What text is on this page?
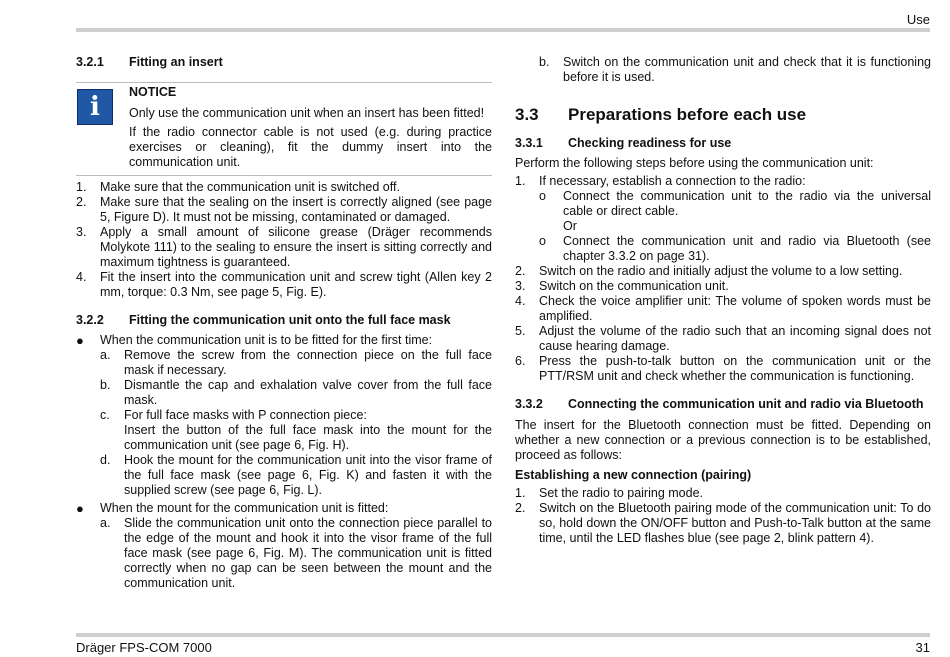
Use
3.2.1	Fitting an insert
i	NOTICE

Only use the communication unit when an insert has been fitted!

If the radio connector cable is not used (e.g. during practice exercises or cleaning), fit the dummy insert into the communication unit.

1.	Make sure that the communication unit is switched off.
2.	Make sure that the sealing on the insert is correctly aligned (see page 5, Figure D). It must not be missing, contaminated or damaged.
3.	Apply a small amount of silicone grease (Dräger recommends Molykote 111) to the sealing to ensure the insert is sitting correctly and maximum tightness is guaranteed.
4.	Fit the insert into the communication unit and screw tight (Allen key 2 mm, torque: 0.3 Nm, see page 5, Fig. E).
3.2.2	Fitting the communication unit onto the full face mask
●	When the communication unit is to be fitted for the first time:
a.	Remove the screw from the connection piece on the full face mask if necessary.
b.	Dismantle the cap and exhalation valve cover from the full face mask.
c.	For full face masks with P connection piece:
Insert the button of the full face mask into the mount for the communication unit (see page 6, Fig. H).
d.	Hook the mount for the communication unit into the visor frame of the full face mask (see page 6, Fig. K) and fasten it with the supplied screw (see page 6, Fig. L).
●	When the mount for the communication unit is fitted:
a.	Slide the communication unit onto the connection piece parallel to the edge of the mount and hook it into the visor frame of the full face mask (see page 6, Fig. M). The communication unit is fitted correctly when no gap can be seen between the mount and the communication unit.
b.	Switch on the communication unit and check that it is functioning before it is used.
3.3	Preparations before each use
3.3.1	Checking readiness for use

Perform the following steps before using the communication unit:

1.	If necessary, establish a connection to the radio:
o	Connect the communication unit to the radio via the universal cable or direct cable.
Or
o	Connect the communication unit and radio via Bluetooth (see chapter 3.3.2 on page 31).
2.	Switch on the radio and initially adjust the volume to a low setting.
3.	Switch on the communication unit.
4.	Check the voice amplifier unit: The volume of spoken words must be amplified.
5.	Adjust the volume of the radio such that an incoming signal does not cause hearing damage.
6.	Press the push-to-talk button on the communication unit or the PTT/RSM unit and check whether the communication is functioning.
3.3.2	Connecting the communication unit and radio via Bluetooth

The insert for the Bluetooth connection must be fitted. Depending on whether a new connection or a previous connection is to be established, proceed as follows:

Establishing a new connection (pairing)

1.	Set the radio to pairing mode.
2.	Switch on the Bluetooth pairing mode of the communication unit: To do so, hold down the ON/OFF button and Push-to-Talk button at the same time, until the LED flashes blue (see page 2, blink pattern 4).
Dräger FPS-COM 7000	31
